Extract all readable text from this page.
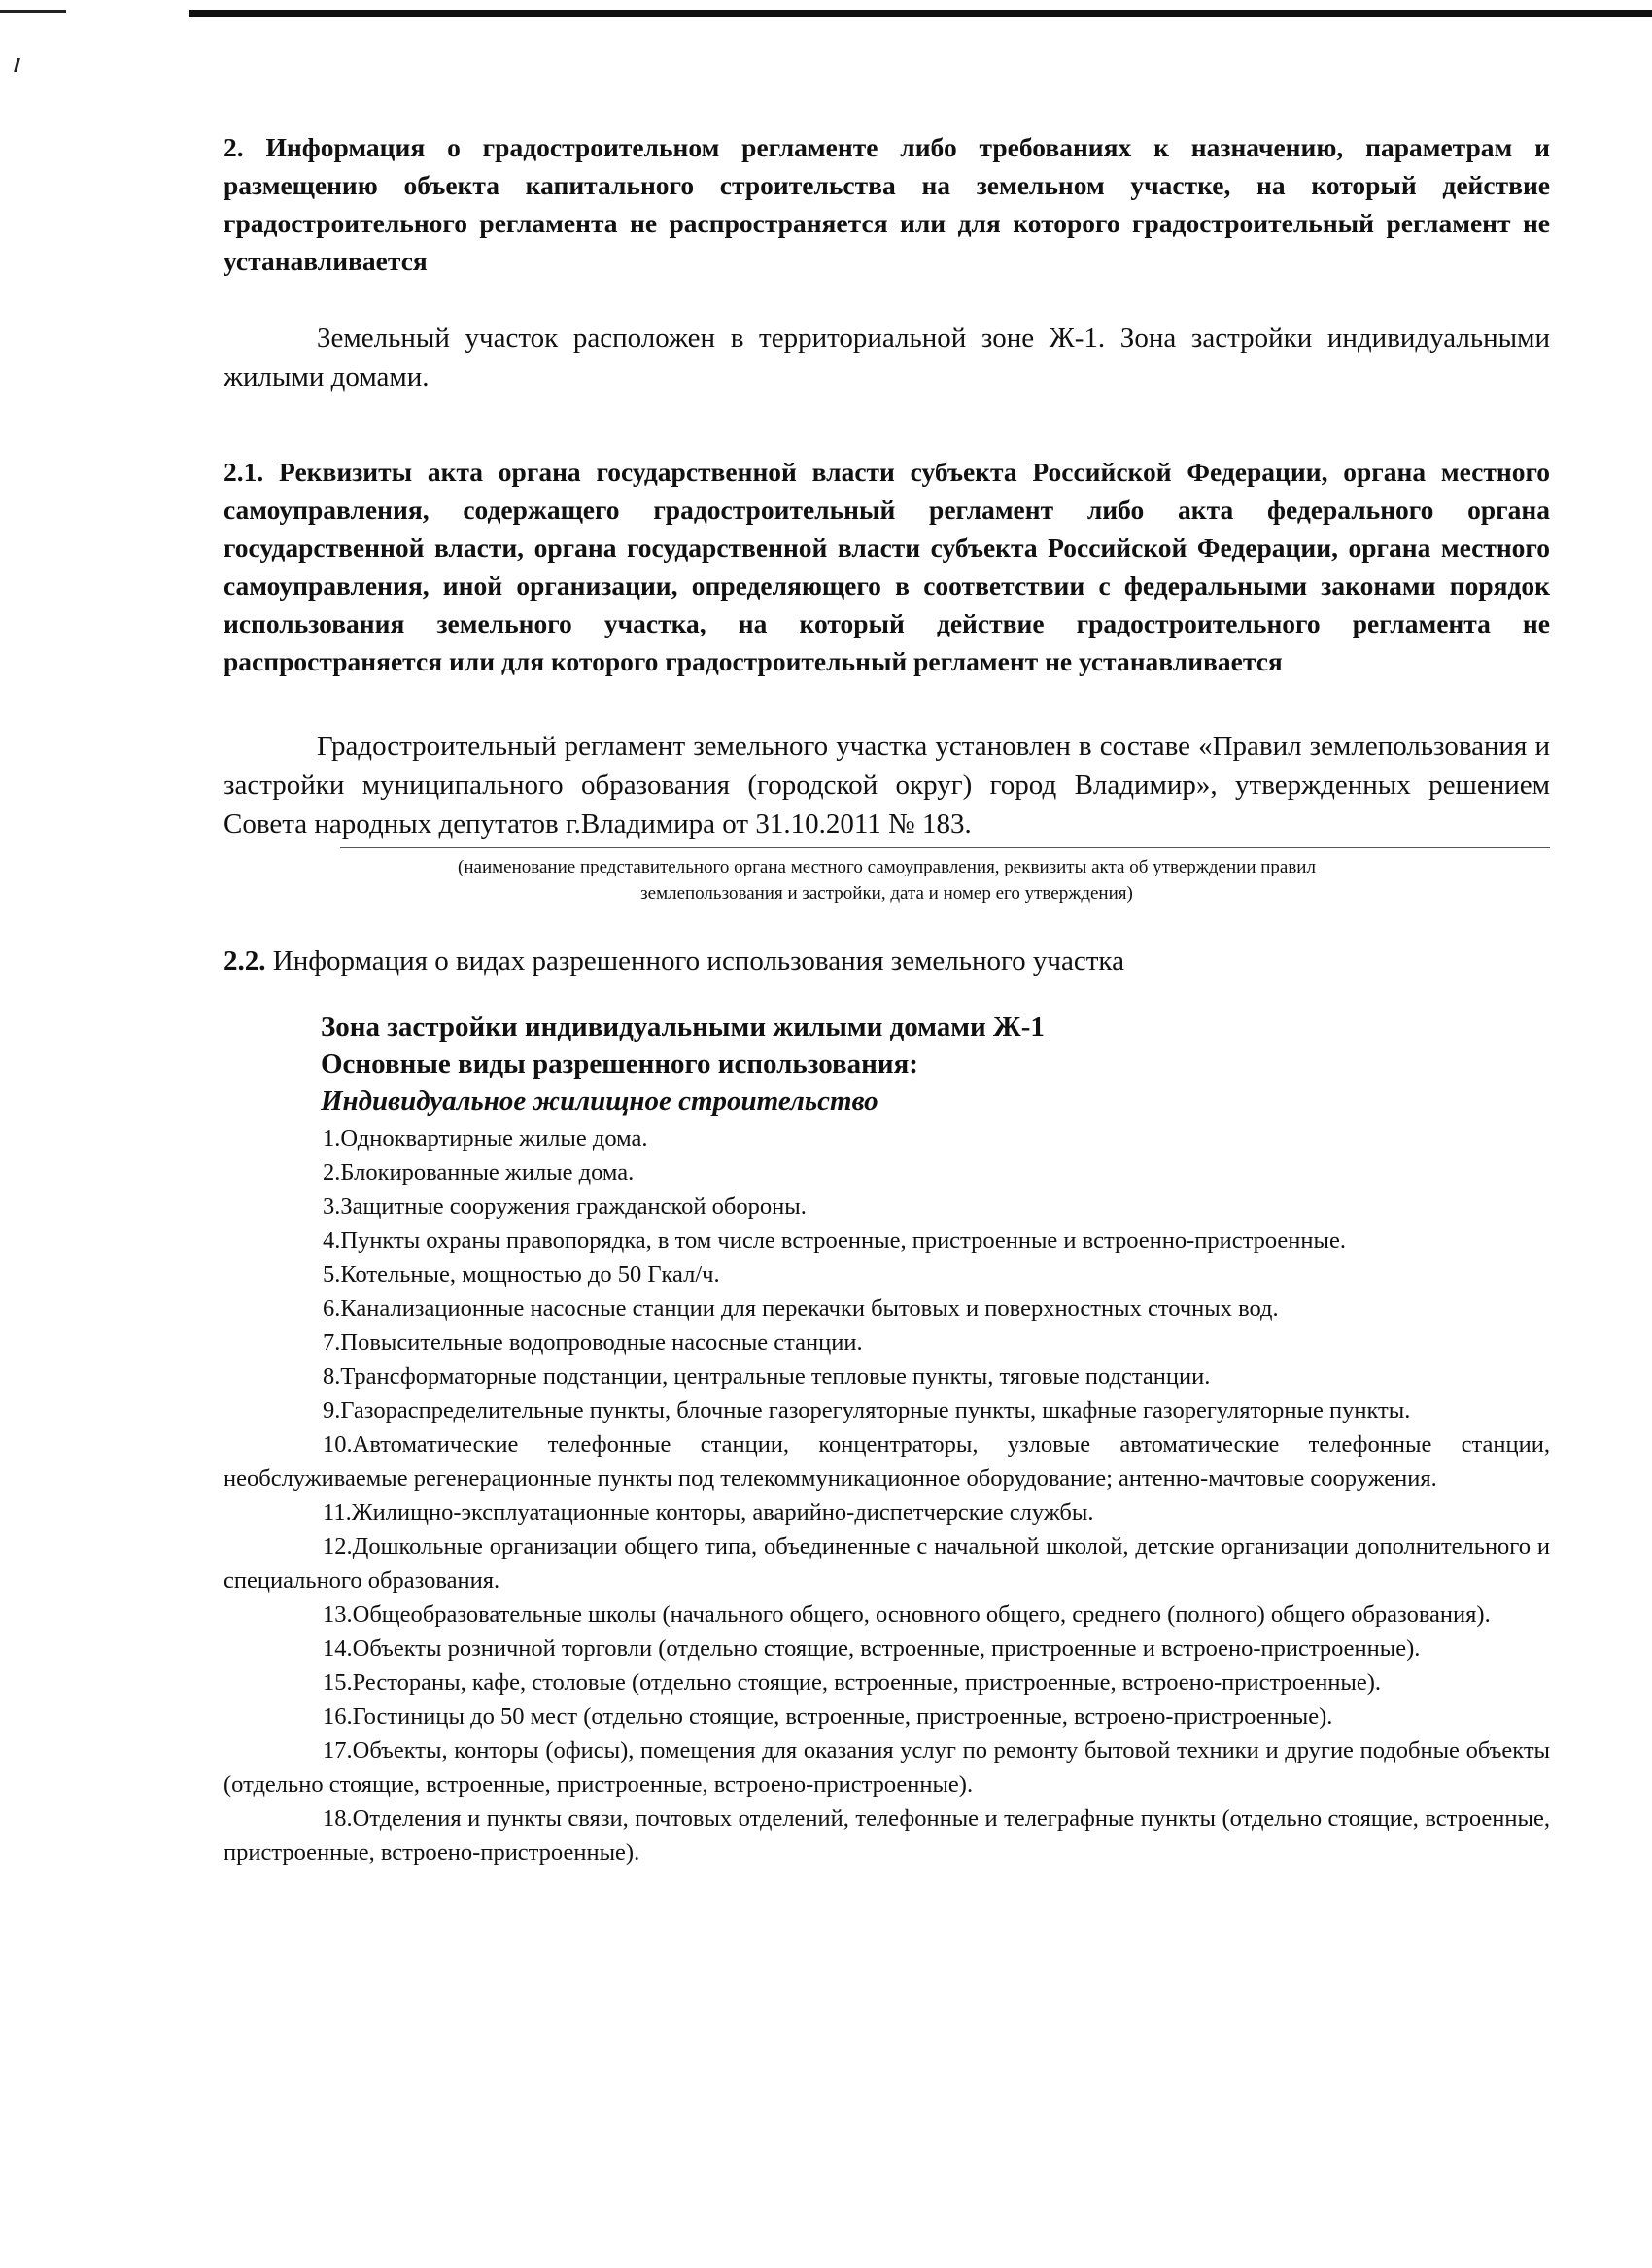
2. Информация о градостроительном регламенте либо требованиях к назначению, параметрам и размещению объекта капитального строительства на земельном участке, на который действие градостроительного регламента не распространяется или для которого градостроительный регламент не устанавливается

Земельный участок расположен в территориальной зоне Ж-1. Зона застройки индивидуальными жилыми домами.

2.1. Реквизиты акта органа государственной власти субъекта Российской Федерации, органа местного самоуправления, содержащего градостроительный регламент либо акта федерального органа государственной власти, органа государственной власти субъекта Российской Федерации, органа местного самоуправления, иной организации, определяющего в соответствии с федеральными законами порядок использования земельного участка, на который действие градостроительного регламента не распространяется или для которого градостроительный регламент не устанавливается

Градостроительный регламент земельного участка установлен в составе «Правил землепользования и застройки муниципального образования (городской округ) город Владимир», утвержденных решением Совета народных депутатов г.Владимира от 31.10.2011 № 183.

(наименование представительного органа местного самоуправления, реквизиты акта об утверждении правил

землепользования и застройки, дата и номер его утверждения)

2.2. Информация о видах разрешенного использования земельного участка

Зона застройки индивидуальными жилыми домами Ж-1
Основные виды разрешенного использования:
Индивидуальное жилищное строительство

1.Одноквартирные жилые дома.

2.Блокированные жилые дома.

3.Защитные сооружения гражданской обороны.

4.Пункты охраны правопорядка, в том числе встроенные, пристроенные и встроенно-пристроенные.

5.Котельные, мощностью до 50 Гкал/ч.

6.Канализационные насосные станции для перекачки бытовых и поверхностных сточных вод.

7.Повысительные водопроводные насосные станции.

8.Трансформаторные подстанции, центральные тепловые пункты, тяговые подстанции.

9.Газораспределительные пункты, блочные газорегуляторные пункты, шкафные газорегуляторные пункты.

10.Автоматические телефонные станции, концентраторы, узловые автоматические телефонные станции, необслуживаемые регенерационные пункты под телекоммуникационное оборудование; антенно-мачтовые сооружения.

11.Жилищно-эксплуатационные конторы, аварийно-диспетчерские службы.

12.Дошкольные организации общего типа, объединенные с начальной школой, детские организации дополнительного и специального образования.

13.Общеобразовательные школы (начального общего, основного общего, среднего (полного) общего образования).

14.Объекты розничной торговли (отдельно стоящие, встроенные, пристроенные и встроено-пристроенные).

15.Рестораны, кафе, столовые (отдельно стоящие, встроенные, пристроенные, встроено-пристроенные).

16.Гостиницы до 50 мест (отдельно стоящие, встроенные, пристроенные, встроено-пристроенные).

17.Объекты, конторы (офисы), помещения для оказания услуг по ремонту бытовой техники и другие подобные объекты (отдельно стоящие, встроенные, пристроенные, встроено-пристроенные).

18.Отделения и пункты связи, почтовых отделений, телефонные и телеграфные пункты (отдельно стоящие, встроенные, пристроенные, встроено-пристроенные).
